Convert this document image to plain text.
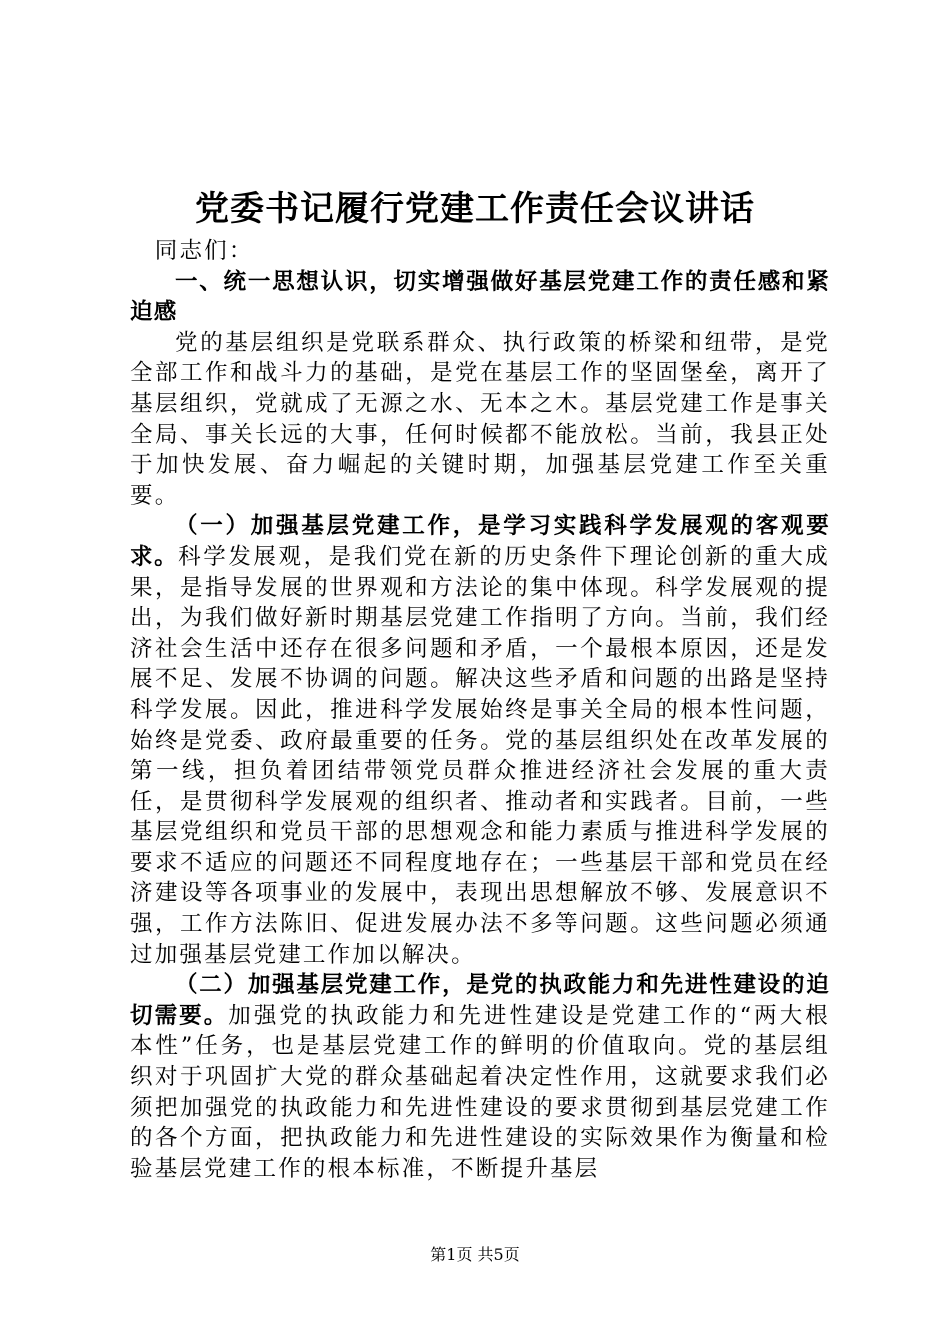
党委书记履行党建工作责任会议讲话

同志们：

一、统一思想认识，切实增强做好基层党建工作的责任感和紧迫感

党的基层组织是党联系群众、执行政策的桥梁和纽带，是党全部工作和战斗力的基础，是党在基层工作的坚固堡垒，离开了基层组织，党就成了无源之水、无本之木。基层党建工作是事关全局、事关长远的大事，任何时候都不能放松。当前，我县正处于加快发展、奋力崛起的关键时期，加强基层党建工作至关重要。

（一）加强基层党建工作，是学习实践科学发展观的客观要求。科学发展观，是我们党在新的历史条件下理论创新的重大成果，是指导发展的世界观和方法论的集中体现。科学发展观的提出，为我们做好新时期基层党建工作指明了方向。当前，我们经济社会生活中还存在很多问题和矛盾，一个最根本原因，还是发展不足、发展不协调的问题。解决这些矛盾和问题的出路是坚持科学发展。因此，推进科学发展始终是事关全局的根本性问题，始终是党委、政府最重要的任务。党的基层组织处在改革发展的第一线，担负着团结带领党员群众推进经济社会发展的重大责任，是贯彻科学发展观的组织者、推动者和实践者。目前，一些基层党组织和党员干部的思想观念和能力素质与推进科学发展的要求不适应的问题还不同程度地存在；一些基层干部和党员在经济建设等各项事业的发展中，表现出思想解放不够、发展意识不强，工作方法陈旧、促进发展办法不多等问题。这些问题必须通过加强基层党建工作加以解决。

（二）加强基层党建工作，是党的执政能力和先进性建设的迫切需要。加强党的执政能力和先进性建设是党建工作的“两大根本性”任务，也是基层党建工作的鲜明的价值取向。党的基层组织对于巩固扩大党的群众基础起着决定性作用，这就要求我们必须把加强党的执政能力和先进性建设的要求贯彻到基层党建工作的各个方面，把执政能力和先进性建设的实际效果作为衡量和检验基层党建工作的根本标准，不断提升基层

第1页 共5页
